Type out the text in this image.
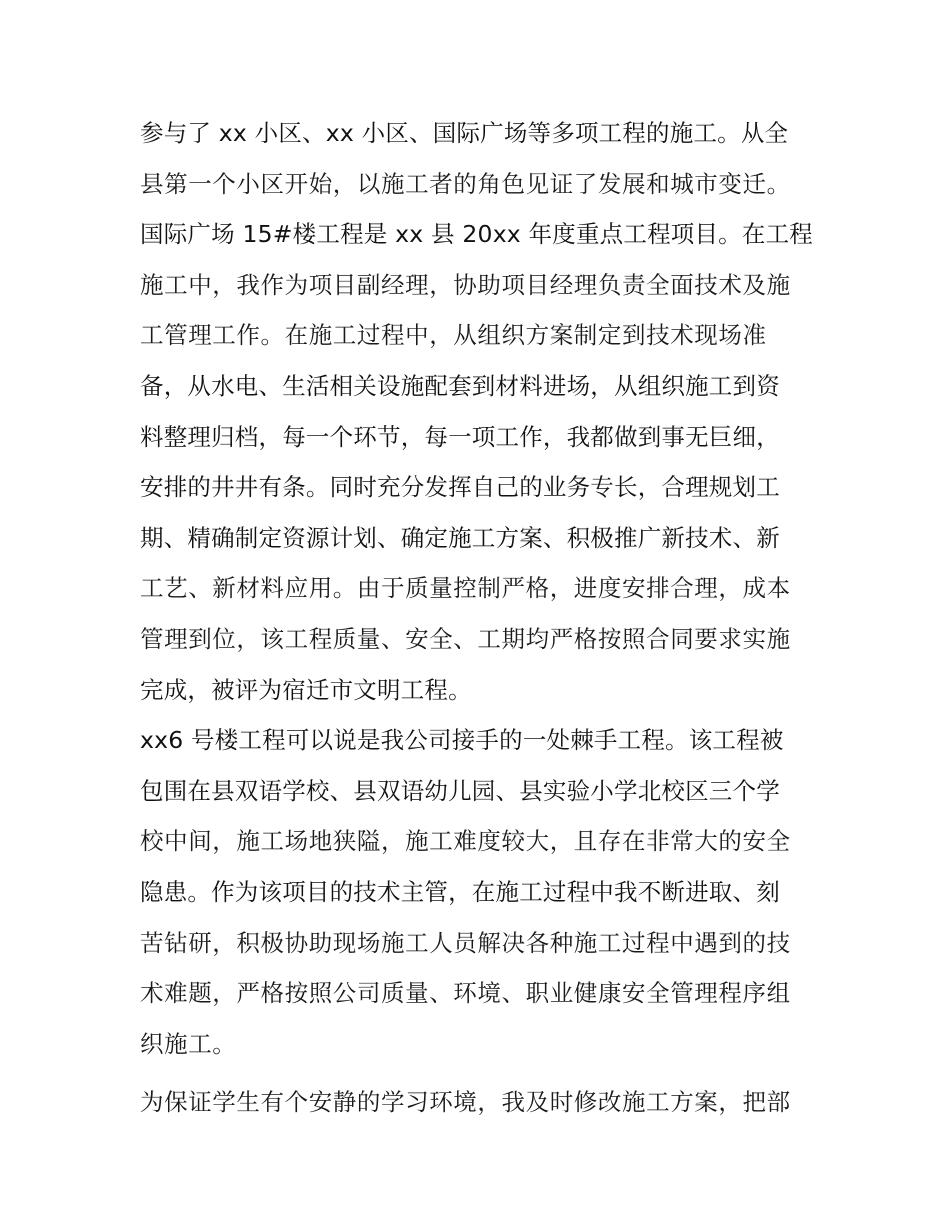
参与了 xx 小区、xx 小区、国际广场等多项工程的施工。从全
县第一个小区开始，以施工者的角色见证了发展和城市变迁。
国际广场 15#楼工程是 xx 县 20xx 年度重点工程项目。在工程
施工中，我作为项目副经理，协助项目经理负责全面技术及施
工管理工作。在施工过程中，从组织方案制定到技术现场准
备，从水电、生活相关设施配套到材料进场，从组织施工到资
料整理归档，每一个环节，每一项工作，我都做到事无巨细，
安排的井井有条。同时充分发挥自己的业务专长，合理规划工
期、精确制定资源计划、确定施工方案、积极推广新技术、新
工艺、新材料应用。由于质量控制严格，进度安排合理，成本
管理到位，该工程质量、安全、工期均严格按照合同要求实施
完成，被评为宿迁市文明工程。
xx6 号楼工程可以说是我公司接手的一处棘手工程。该工程被
包围在县双语学校、县双语幼儿园、县实验小学北校区三个学
校中间，施工场地狭隘，施工难度较大，且存在非常大的安全
隐患。作为该项目的技术主管，在施工过程中我不断进取、刻
苦钻研，积极协助现场施工人员解决各种施工过程中遇到的技
术难题，严格按照公司质量、环境、职业健康安全管理程序组
织施工。
为保证学生有个安静的学习环境，我及时修改施工方案，把部
